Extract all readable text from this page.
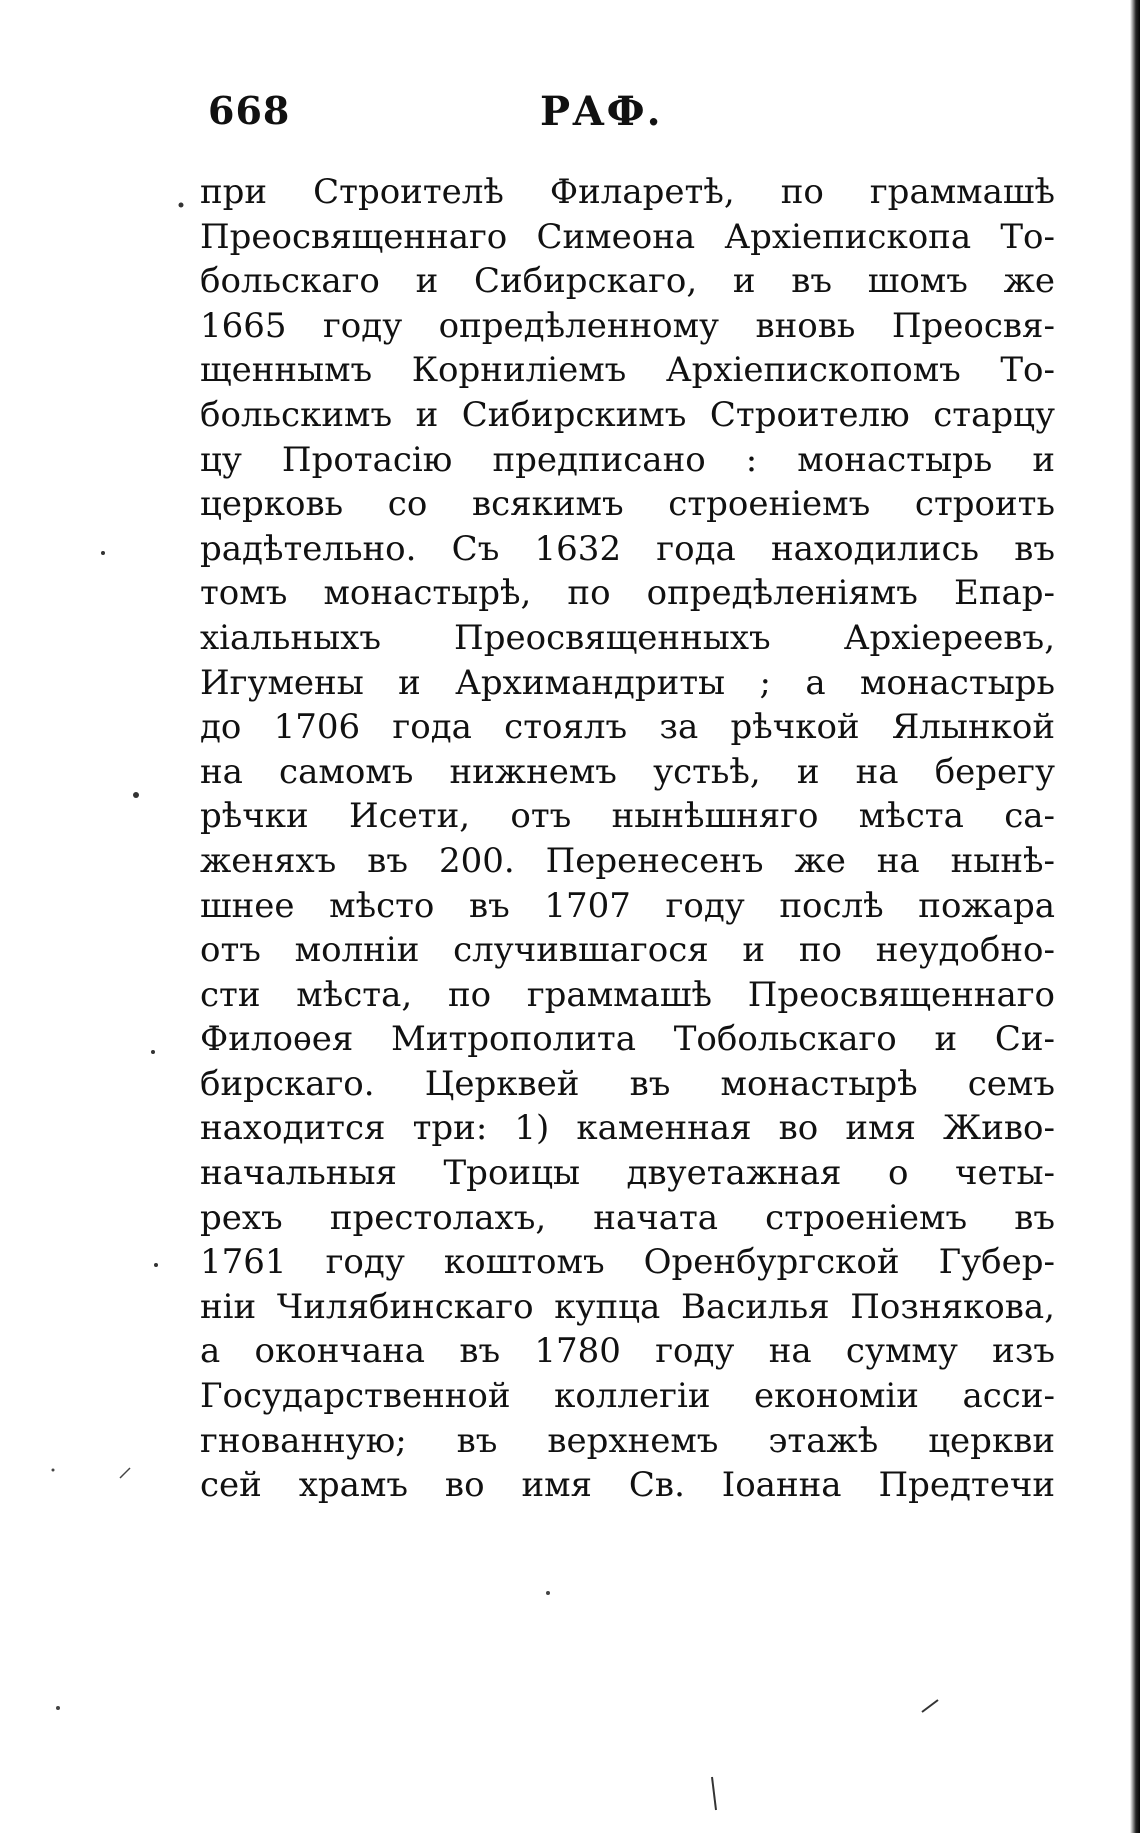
668	РАФ.
при Строителѣ Филаретѣ, по граммашѣ
Преосвященнаго Симеона Архіепископа То-
больскаго и Сибирскаго, и въ шомъ же
1665 году опредѣленному вновь Преосвя-
щеннымъ Корниліемъ Архіепископомъ То-
больскимъ и Сибирскимъ Строителю старцу
цу Протасію предписано : монастырь и
церковь со всякимъ строеніемъ строить
радѣтельно. Съ 1632 года находились въ
томъ монастырѣ, по опредѣленіямъ Епар-
хіальныхъ Преосвященныхъ Архіереевъ,
Игумены и Архимандриты ; а монастырь
до 1706 года стоялъ за рѣчкой Ялынкой
на самомъ нижнемъ устьѣ, и на берегу
рѣчки Исети, отъ нынѣшняго мѣста са-
женяхъ въ 200. Перенесенъ же на нынѣ-
шнее мѣсто въ 1707 году послѣ пожара
отъ молніи случившагося и по неудобно-
сти мѣста, по граммашѣ Преосвященнаго
Филоѳея Митрополита Тобольскаго и Си-
бирскаго. Церквей въ монастырѣ семъ
находится три: 1) каменная во имя Живо-
начальныя Троицы двуетажная о четы-
рехъ престолахъ, начата строеніемъ въ
1761 году коштомъ Оренбургской Губер-
ніи Чилябинскаго купца Василья Познякова,
а окончана въ 1780 году на сумму изъ
Государственной коллегіи економіи асси-
гнованную; въ верхнемъ этажѣ церкви
сей храмъ во имя Св. Іоанна Предтечи
